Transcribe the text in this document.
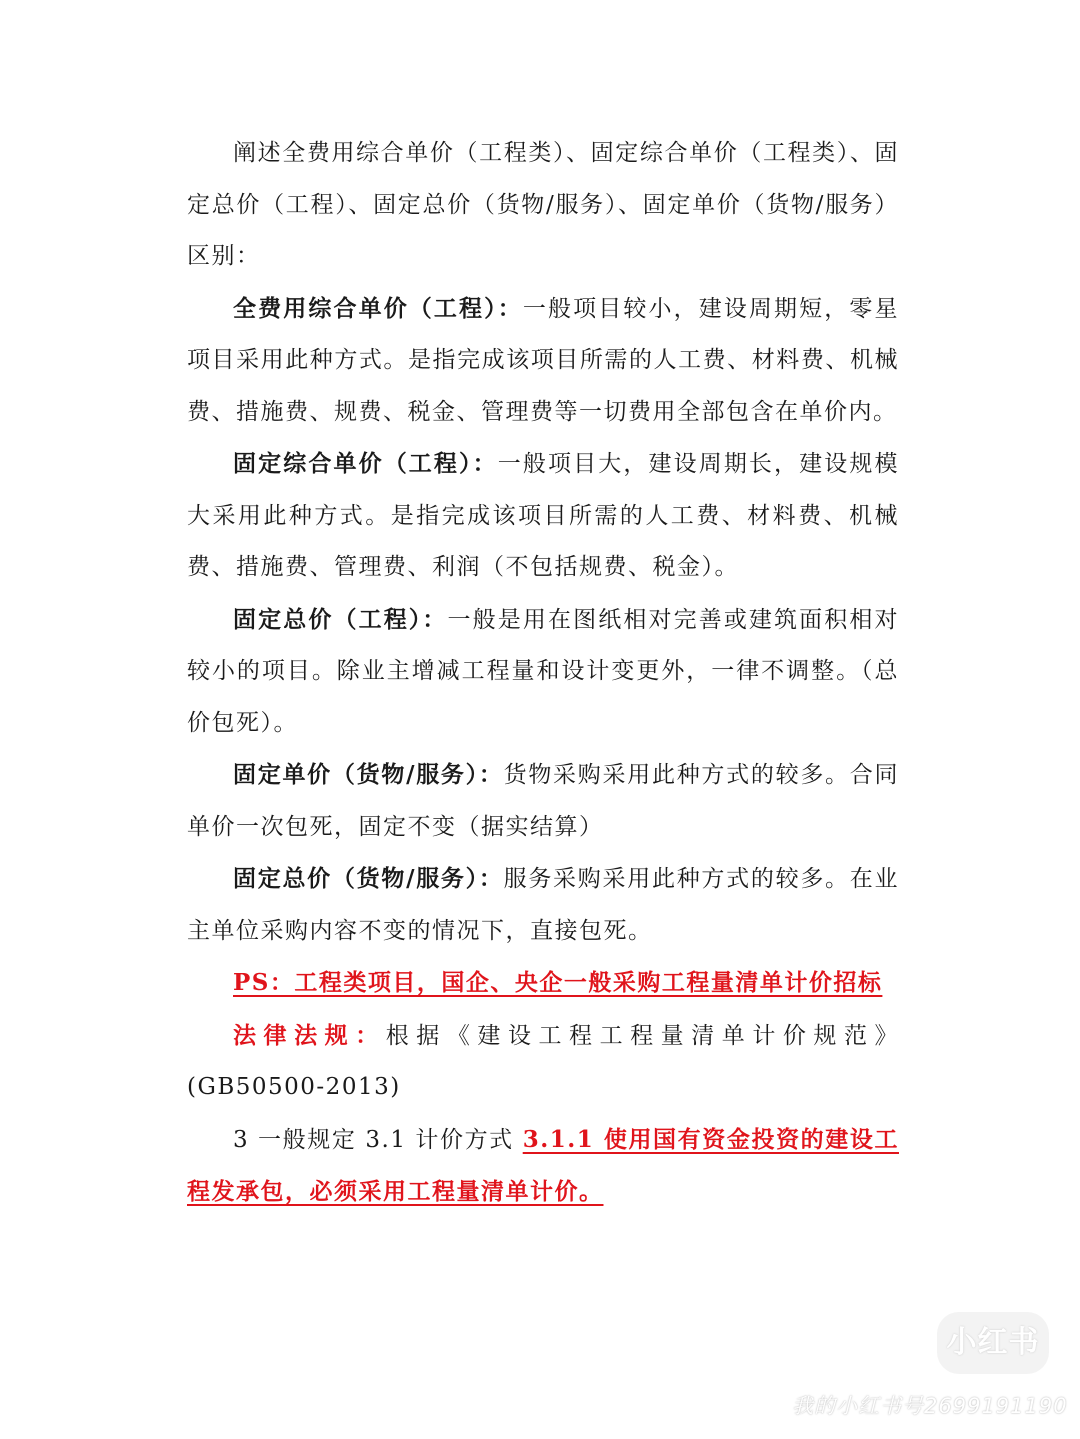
阐述全费用综合单价（工程类）、固定综合单价（工程类）、固定总价（工程）、固定总价（货物/服务）、固定单价（货物/服务）区别：

全费用综合单价（工程）：一般项目较小，建设周期短，零星项目采用此种方式。是指完成该项目所需的人工费、材料费、机械费、措施费、规费、税金、管理费等一切费用全部包含在单价内。

固定综合单价（工程）：一般项目大，建设周期长，建设规模大采用此种方式。是指完成该项目所需的人工费、材料费、机械费、措施费、管理费、利润（不包括规费、税金）。

固定总价（工程）：一般是用在图纸相对完善或建筑面积相对较小的项目。除业主增减工程量和设计变更外，一律不调整。（总价包死）。

固定单价（货物/服务）：货物采购采用此种方式的较多。合同单价一次包死，固定不变（据实结算）

固定总价（货物/服务）：服务采购采用此种方式的较多。在业主单位采购内容不变的情况下，直接包死。

PS：工程类项目，国企、央企一般采购工程量清单计价招标

法律法规：根据《建设工程工程量清单计价规范》(GB50500-2013)

3 一般规定 3.1 计价方式 3.1.1 使用国有资金投资的建设工程发承包，必须采用工程量清单计价。

小红书
我的小红书号2699191190
